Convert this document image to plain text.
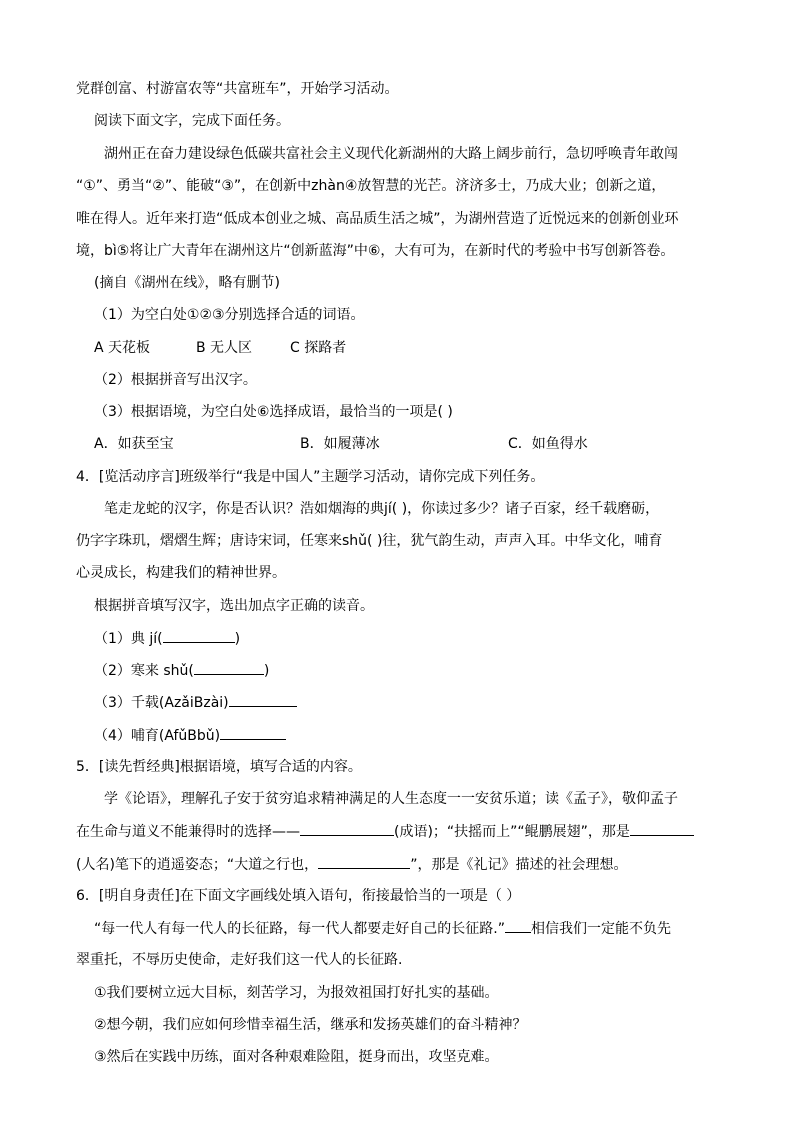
党群创富、村游富农等“共富班车”，开始学习活动。
阅读下面文字，完成下面任务。
湖州正在奋力建设绿色低碳共富社会主义现代化新湖州的大路上阔步前行，急切呼唤青年敢闯
“①”、勇当“②”、能破“③”，在创新中zhàn④放智慧的光芒。济济多士，乃成大业；创新之道，
唯在得人。近年来打造“低成本创业之城、高品质生活之城”，为湖州营造了近悦远来的创新创业环
境，bì⑤将让广大青年在湖州这片“创新蓝海”中⑥，大有可为，在新时代的考验中书写创新答卷。
(摘自《湖州在线》，略有删节)
（1）为空白处①②③分别选择合适的词语。
A 天花板	B 无人区	C 探路者
（2）根据拼音写出汉字。
（3）根据语境，为空白处⑥选择成语，最恰当的一项是( )
A．如获至宝	B．如履薄冰	C．如鱼得水
4．[览活动序言]班级举行“我是中国人”主题学习活动，请你完成下列任务。
笔走龙蛇的汉字，你是否认识？浩如烟海的典jí( )，你读过多少？诸子百家，经千载磨砺，
仍字字珠玑，熠熠生辉；唐诗宋词，任寒来shǔ( )往，犹气韵生动，声声入耳。中华文化，哺育
心灵成长，构建我们的精神世界。
根据拼音填写汉字，选出加点字正确的读音。
（1）典 jí(	)
（2）寒来 shǔ(	)
（3）千载(AzǎiBzài)
（4）哺育(AfǔBbǔ)
5．[读先哲经典]根据语境，填写合适的内容。
学《论语》，理解孔子安于贫穷追求精神满足的人生态度一一安贫乐道；读《孟子》，敬仰孟子
在生命与道义不能兼得时的选择——	(成语)；“扶摇而上”“鲲鹏展翅”，那是
(人名)笔下的逍遥姿态；“大道之行也，	”，那是《礼记》描述的社会理想。
6．[明自身责任]在下面文字画线处填入语句，衔接最恰当的一项是（ ）
“每一代人有每一代人的长征路，每一代人都要走好自己的长征路.” 相信我们一定能不负先
翠重托，不辱历史使命，走好我们这一代人的长征路.
①我们要树立远大目标，刻苦学习，为报效祖国打好扎实的基础。
②想今朝，我们应如何珍惜幸福生活，继承和发扬英雄们的奋斗精神？
③然后在实践中历练，面对各种艰难险阻，挺身而出，攻坚克难。
